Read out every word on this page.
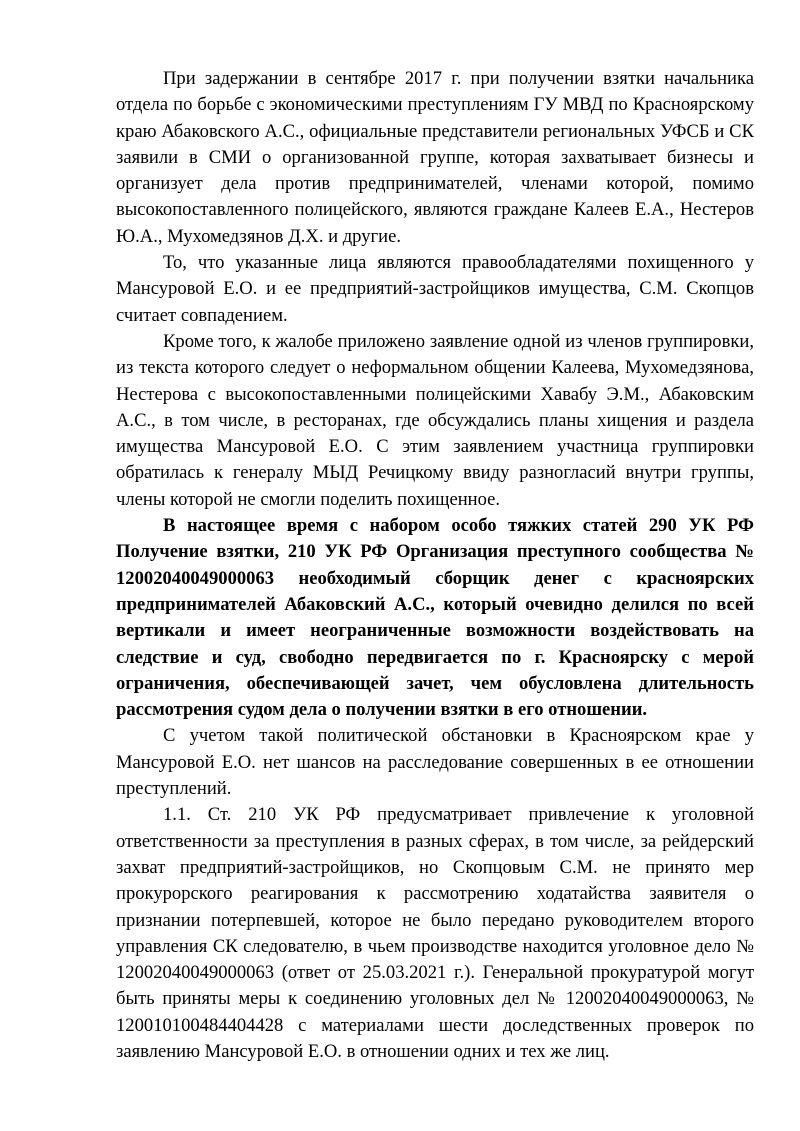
При задержании в сентябре 2017 г. при получении взятки начальника отдела по борьбе с экономическими преступлениям ГУ МВД по Красноярскому краю Абаковского А.С., официальные представители региональных УФСБ и СК заявили в СМИ о организованной группе, которая захватывает бизнесы и организует дела против предпринимателей, членами которой, помимо высокопоставленного полицейского, являются граждане Калеев Е.А., Нестеров Ю.А., Мухомедзянов Д.Х. и другие.

То, что указанные лица являются правообладателями похищенного у Мансуровой Е.О. и ее предприятий-застройщиков имущества, С.М. Скопцов считает совпадением.

Кроме того, к жалобе приложено заявление одной из членов группировки, из текста которого следует о неформальном общении Калеева, Мухомедзянова, Нестерова с высокопоставленными полицейскими Хавабу Э.М., Абаковским А.С., в том числе, в ресторанах, где обсуждались планы хищения и раздела имущества Мансуровой Е.О. С этим заявлением участница группировки обратилась к генералу МЫД Речицкому ввиду разногласий внутри группы, члены которой не смогли поделить похищенное.

В настоящее время с набором особо тяжких статей 290 УК РФ Получение взятки, 210 УК РФ Организация преступного сообщества № 12002040049000063 необходимый сборщик денег с красноярских предпринимателей Абаковский А.С., который очевидно делился по всей вертикали и имеет неограниченные возможности воздействовать на следствие и суд, свободно передвигается по г. Красноярску с мерой ограничения, обеспечивающей зачет, чем обусловлена длительность рассмотрения судом дела о получении взятки в его отношении.

С учетом такой политической обстановки в Красноярском крае у Мансуровой Е.О. нет шансов на расследование совершенных в ее отношении преступлений.

1.1. Ст. 210 УК РФ предусматривает привлечение к уголовной ответственности за преступления в разных сферах, в том числе, за рейдерский захват предприятий-застройщиков, но Скопцовым С.М. не принято мер прокурорского реагирования к рассмотрению ходатайства заявителя о признании потерпевшей, которое не было передано руководителем второго управления СК следователю, в чьем производстве находится уголовное дело № 12002040049000063 (ответ от 25.03.2021 г.). Генеральной прокуратурой могут быть приняты меры к соединению уголовных дел № 12002040049000063, № 120010100484404428 с материалами шести доследственных проверок по заявлению Мансуровой Е.О. в отношении одних и тех же лиц.
